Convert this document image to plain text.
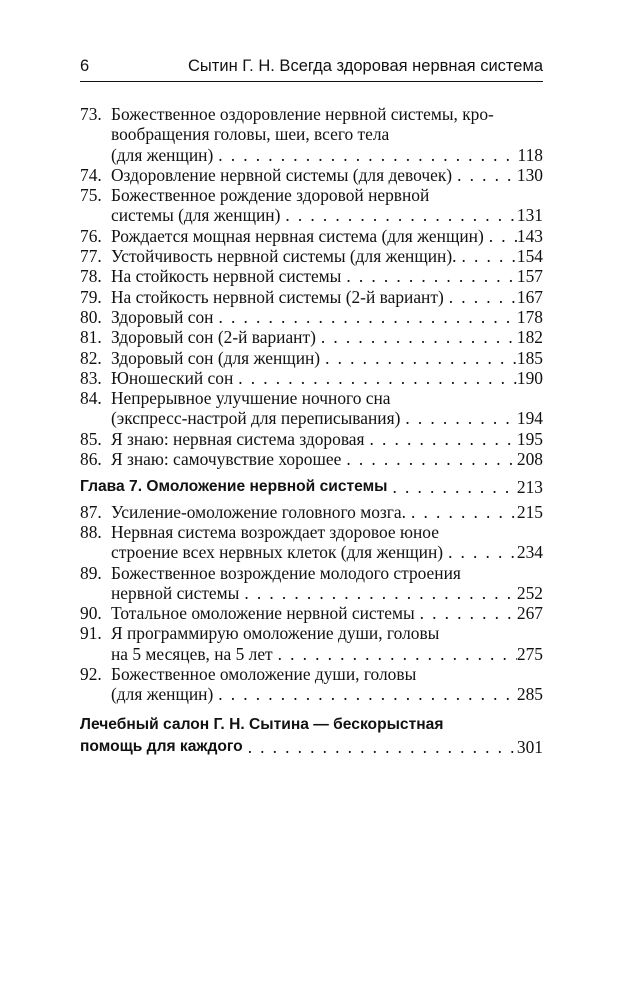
6	Сытин Г. Н. Всегда здоровая нервная система
73. Божественное оздоровление нервной системы, кро-
вообращения головы, шеи, всего тела
(для женщин) . . .	118
74. Оздоровление нервной системы (для девочек) . . .	130
75. Божественное рождение здоровой нервной
системы (для женщин) . . .	131
76. Рождается мощная нервная система (для женщин) . . . 143
77. Устойчивость нервной системы (для женщин). . . .	154
78. На стойкость нервной системы . . .	157
79. На стойкость нервной системы (2-й вариант) . . .	167
80. Здоровый сон . . .	178
81. Здоровый сон (2-й вариант) . . .	182
82. Здоровый сон (для женщин) . . .	185
83. Юношеский сон . . .	190
84. Непрерывное улучшение ночного сна
(экспресс-настрой для переписывания) . . .	194
85. Я знаю: нервная система здоровая . . .	195
86. Я знаю: самочувствие хорошее . . .	208
Глава 7. Омоложение нервной системы . . .	213
87. Усиление-омоложение головного мозга. . . .	215
88. Нервная система возрождает здоровое юное
строение всех нервных клеток (для женщин) . . .	234
89. Божественное возрождение молодого строения
нервной системы . . .	252
90. Тотальное омоложение нервной системы . . .	267
91. Я программирую омоложение души, головы
на 5 месяцев, на 5 лет . . .	275
92. Божественное омоложение души, головы
(для женщин) . . .	285
Лечебный салон Г. Н. Сытина — бескорыстная
помощь для каждого . . .	301
